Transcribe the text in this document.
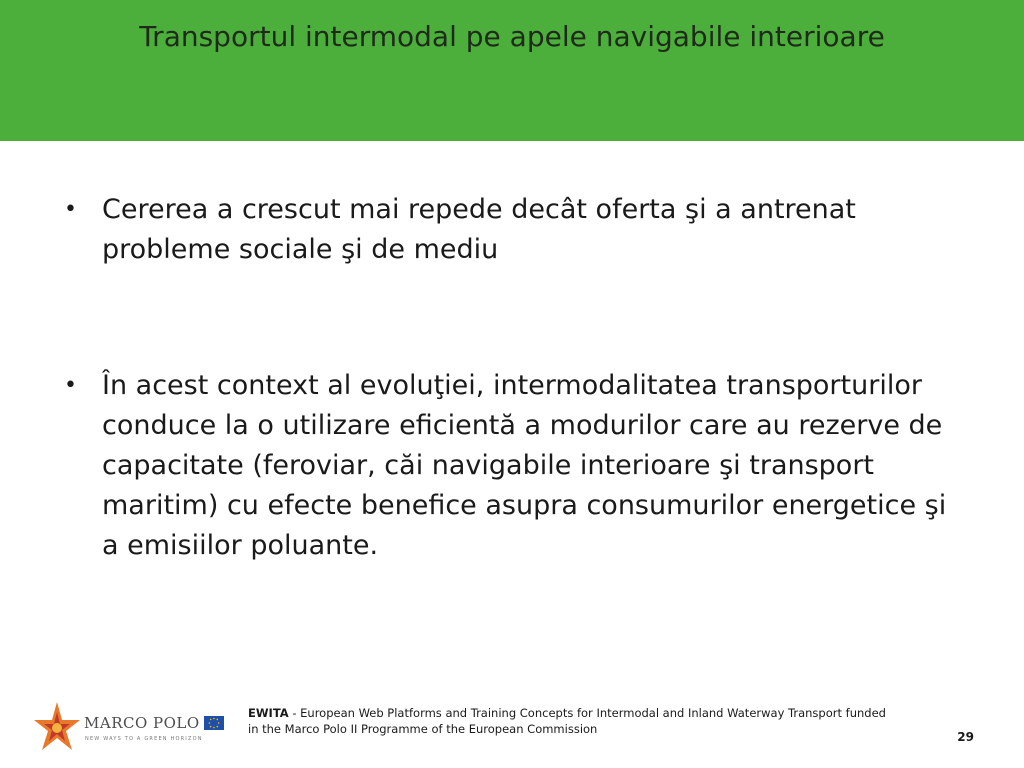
Transportul intermodal pe apele navigabile interioare
• Cererea a crescut mai repede decât oferta şi a antrenat probleme sociale şi de mediu
• În acest context al evoluţiei, intermodalitatea transporturilor conduce la o utilizare eficientă a modurilor care au rezerve de capacitate (feroviar, căi navigabile interioare şi transport maritim) cu efecte benefice asupra consumurilor energetice şi a emisiilor poluante.
MARCO POLO
NEW WAYS TO A GREEN HORIZON
EWITA - European Web Platforms and Training Concepts for Intermodal and Inland Waterway Transport funded in the Marco Polo II Programme of the European Commission
29
